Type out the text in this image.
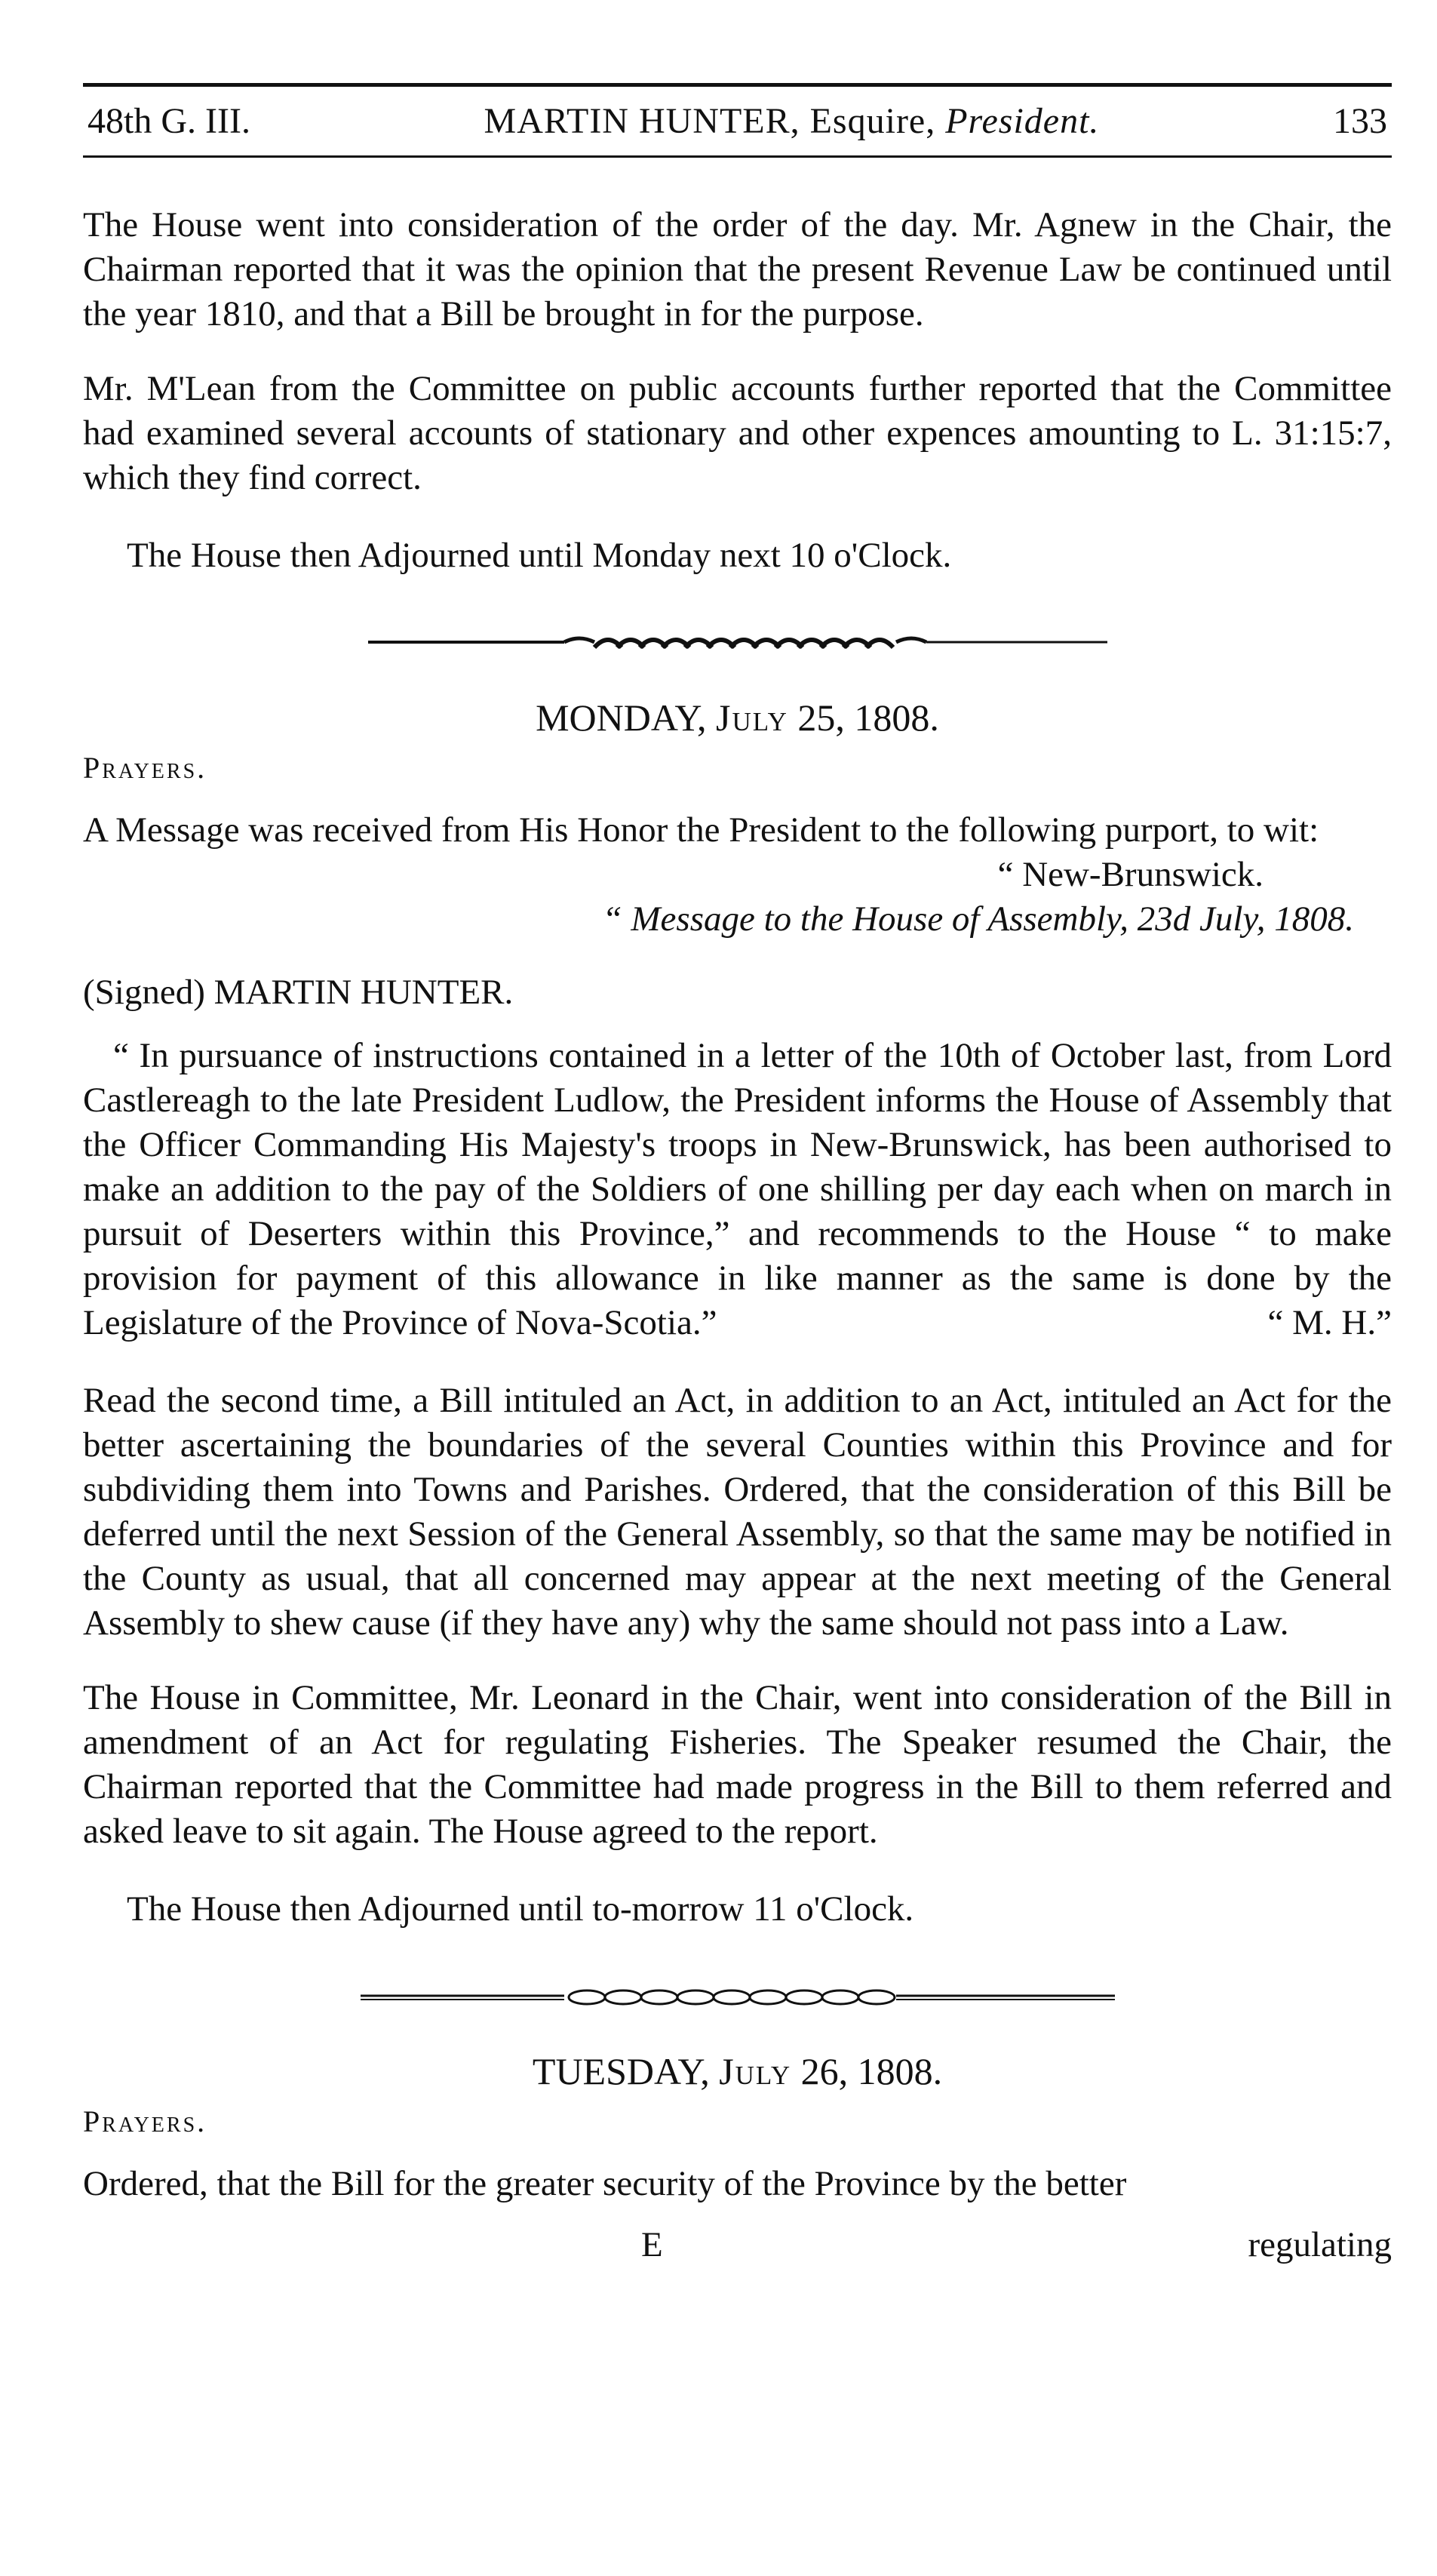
48th G. III.	MARTIN HUNTER, Esquire, President.	133

The House went into consideration of the order of the day. Mr. Agnew in the Chair, the Chairman reported that it was the opinion that the present Revenue Law be continued until the year 1810, and that a Bill be brought in for the purpose.

Mr. M'Lean from the Committee on public accounts further reported that the Committee had examined several accounts of stationary and other expences amounting to L. 31:15:7, which they find correct.

The House then Adjourned until Monday next 10 o'Clock.

MONDAY, July 25, 1808.
Prayers.

A Message was received from His Honor the President to the following purport, to wit:

“ New-Brunswick.
“ Message to the House of Assembly, 23d July, 1808.
(Signed) MARTIN HUNTER.

“ In pursuance of instructions contained in a letter of the 10th of October last, from Lord Castlereagh to the late President Ludlow, the President informs the House of Assembly that the Officer Commanding His Majesty's troops in New-Brunswick, has been authorised to make an addition to the pay of the Soldiers of one shilling per day each when on march in pursuit of Deserters within this Province,” and recommends to the House “ to make provision for payment of this allowance in like manner as the same is done by the Legislature of the Province of Nova-Scotia.”	“ M. H.”

Read the second time, a Bill intituled an Act, in addition to an Act, intituled an Act for the better ascertaining the boundaries of the several Counties within this Province and for subdividing them into Towns and Parishes. Ordered, that the consideration of this Bill be deferred until the next Session of the General Assembly, so that the same may be notified in the County as usual, that all concerned may appear at the next meeting of the General Assembly to shew cause (if they have any) why the same should not pass into a Law.

The House in Committee, Mr. Leonard in the Chair, went into consideration of the Bill in amendment of an Act for regulating Fisheries. The Speaker resumed the Chair, the Chairman reported that the Committee had made progress in the Bill to them referred and asked leave to sit again. The House agreed to the report.

The House then Adjourned until to-morrow 11 o'Clock.

TUESDAY, July 26, 1808.
Prayers.

Ordered, that the Bill for the greater security of the Province by the better

E	regulating
